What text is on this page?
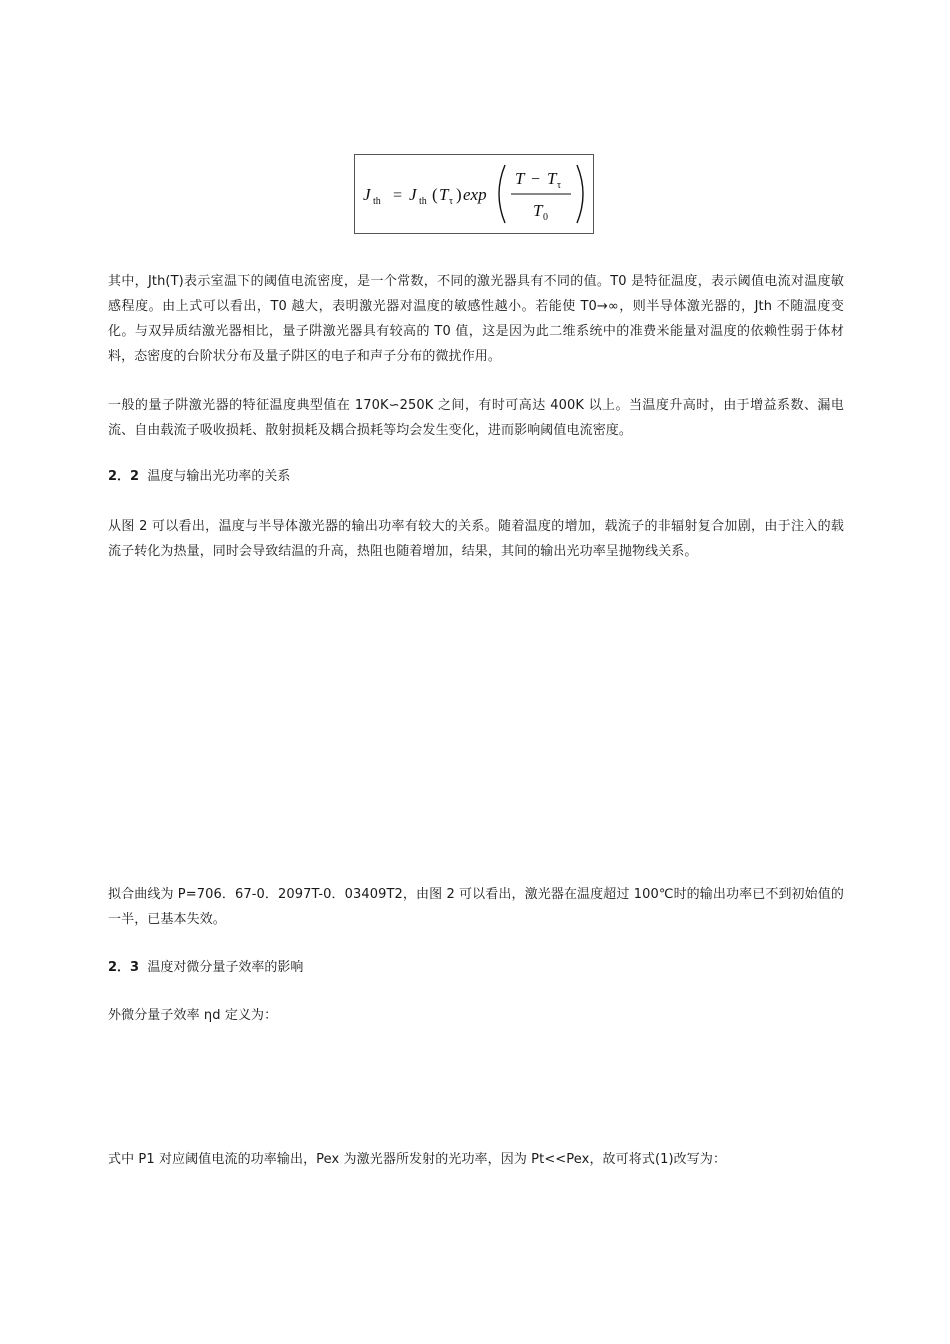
J th = J th ( T τ ) exp
T − T τ
T 0

其中，Jth(T)表示室温下的阈值电流密度，是一个常数，不同的激光器具有不同的值。T0 是特征温度，表示阈值电流对温度敏感程度。由上式可以看出，T0 越大，表明激光器对温度的敏感性越小。若能使 T0→∞，则半导体激光器的，Jth 不随温度变化。与双异质结激光器相比，量子阱激光器具有较高的 T0 值，这是因为此二维系统中的准费米能量对温度的依赖性弱于体材料，态密度的台阶状分布及量子阱区的电子和声子分布的微扰作用。

一般的量子阱激光器的特征温度典型值在 170K∽250K 之间，有时可高达 400K 以上。当温度升高时，由于增益系数、漏电流、自由载流子吸收损耗、散射损耗及耦合损耗等均会发生变化，进而影响阈值电流密度。

2．2 温度与输出光功率的关系

从图 2 可以看出，温度与半导体激光器的输出功率有较大的关系。随着温度的增加，载流子的非辐射复合加剧，由于注入的载流子转化为热量，同时会导致结温的升高，热阻也随着增加，结果，其间的输出光功率呈抛物线关系。

拟合曲线为 P=706．67-0．2097T-0．03409T2，由图 2 可以看出，激光器在温度超过 100℃时的输出功率已不到初始值的一半，已基本失效。

2．3 温度对微分量子效率的影响

外微分量子效率 ηd 定义为：

式中 P1 对应阈值电流的功率输出，Pex 为激光器所发射的光功率，因为 Pt<<Pex，故可将式(1)改写为：
